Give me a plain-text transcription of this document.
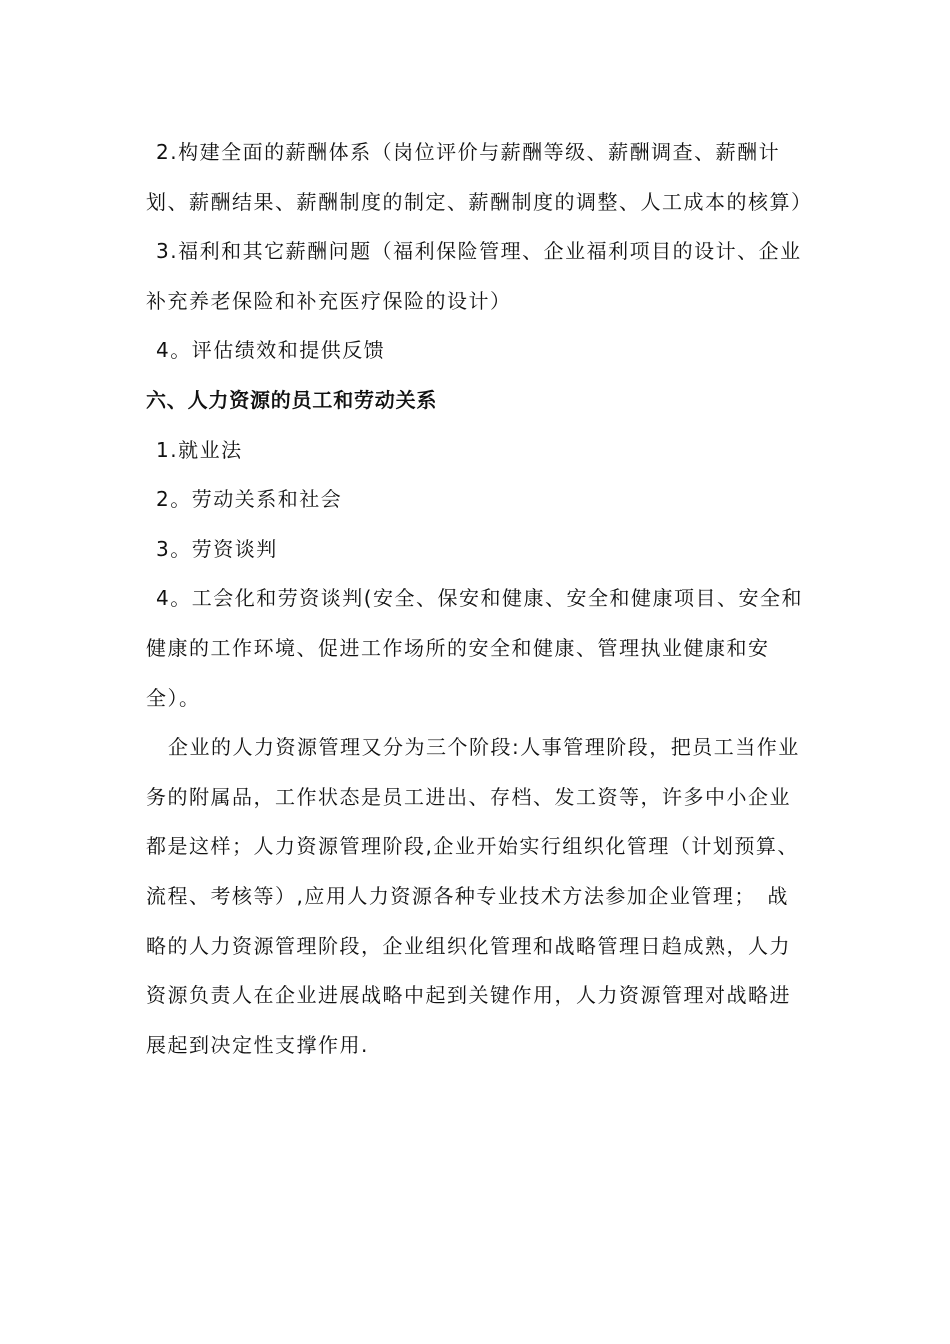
2.构建全面的薪酬体系（岗位评价与薪酬等级、薪酬调查、薪酬计划、薪酬结果、薪酬制度的制定、薪酬制度的调整、人工成本的核算）

3.福利和其它薪酬问题（福利保险管理、企业福利项目的设计、企业补充养老保险和补充医疗保险的设计）

4。评估绩效和提供反馈

六、人力资源的员工和劳动关系

1.就业法

2。劳动关系和社会

3。劳资谈判

4。工会化和劳资谈判(安全、保安和健康、安全和健康项目、安全和健康的工作环境、促进工作场所的安全和健康、管理执业健康和安全）。

企业的人力资源管理又分为三个阶段:人事管理阶段，把员工当作业务的附属品，工作状态是员工进出、存档、发工资等，许多中小企业都是这样；人力资源管理阶段,企业开始实行组织化管理（计划预算、流程、考核等）,应用人力资源各种专业技术方法参加企业管理；　战略的人力资源管理阶段，企业组织化管理和战略管理日趋成熟，人力资源负责人在企业进展战略中起到关键作用，人力资源管理对战略进展起到决定性支撑作用.
